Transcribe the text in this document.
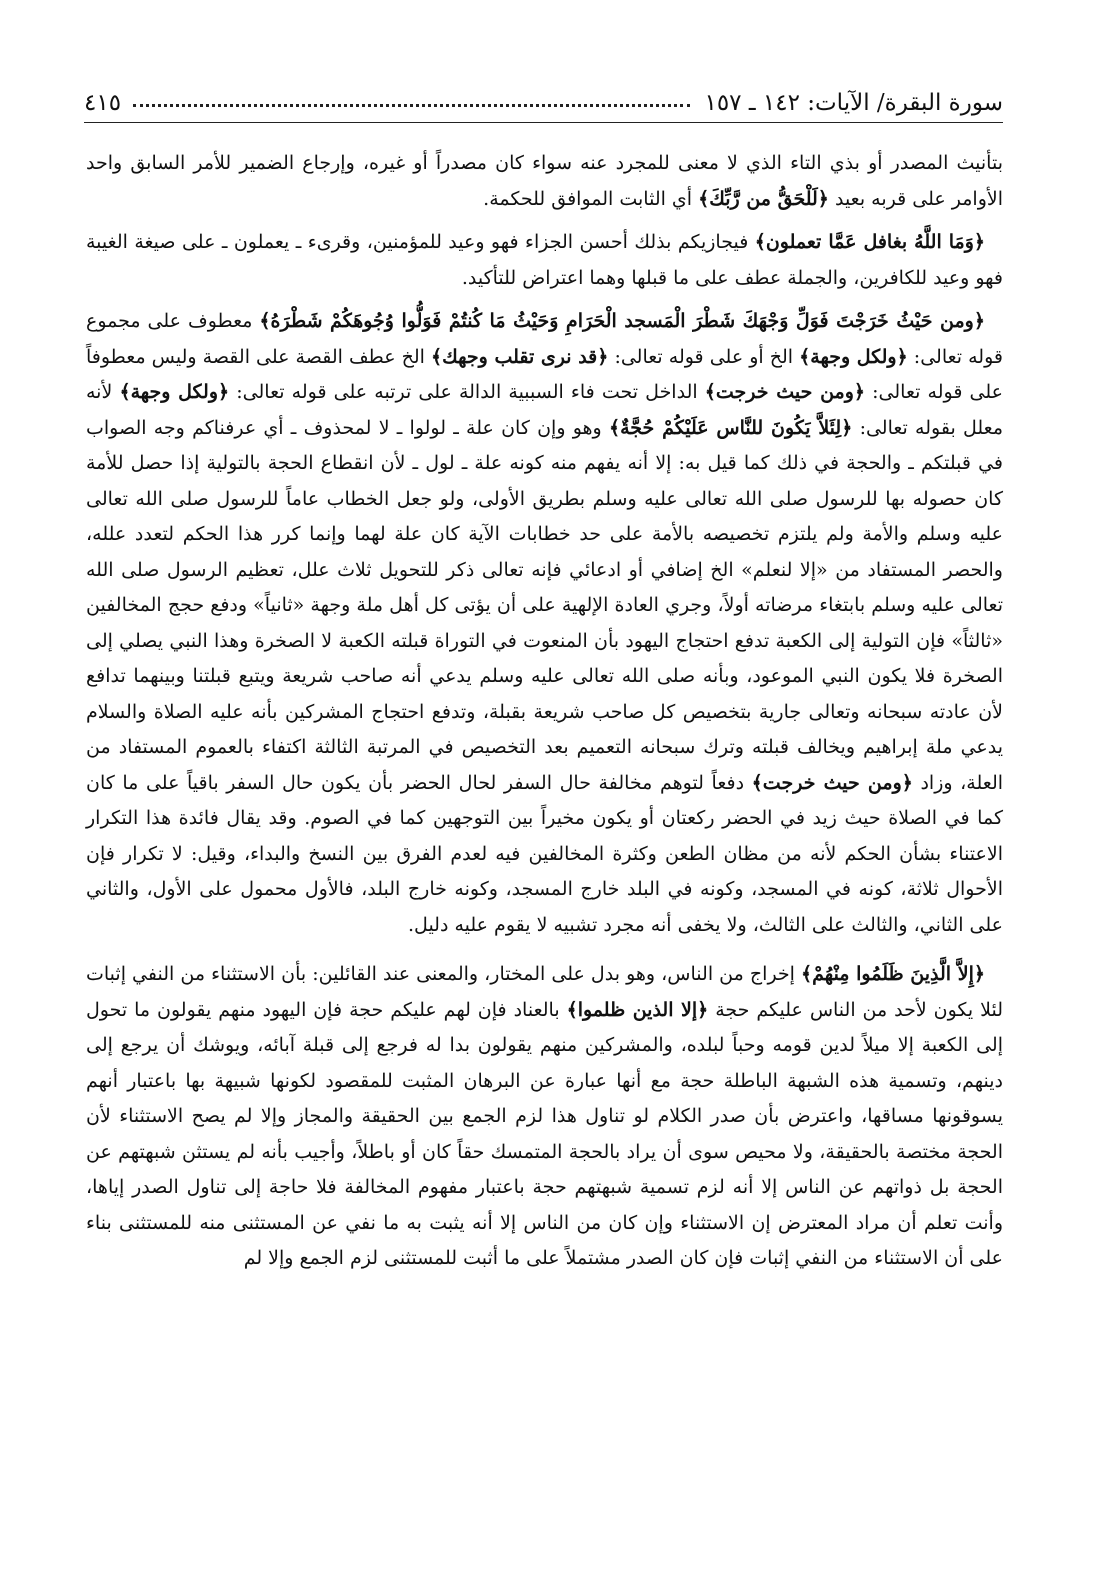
سورة البقرة/ الآيات: ١٤٢ ـ ١٥٧
٤١٥

بتأنيث المصدر أو بذي التاء الذي لا معنى للمجرد عنه سواء كان مصدراً أو غيره، وإرجاع الضمير للأمر السابق واحد الأوامر على قربه بعيد ﴿لَلْحَقُّ من رَّبِّكَ﴾ أي الثابت الموافق للحكمة.

﴿وَمَا اللَّهُ بغافل عَمَّا تعملون﴾ فيجازيكم بذلك أحسن الجزاء فهو وعيد للمؤمنين، وقرىء ـ يعملون ـ على صيغة الغيبة فهو وعيد للكافرين، والجملة عطف على ما قبلها وهما اعتراض للتأكيد.

﴿ومن حَيْثُ خَرَجْتَ فَوَلِّ وَجْهَكَ شَطْرَ الْمَسجد الْحَرَامِ وَحَيْثُ مَا كُنتُمْ فَوَلُّوا وُجُوهَكُمْ شَطْرَهُ﴾ معطوف على مجموع قوله تعالى: ﴿ولكل وجهة﴾ الخ أو على قوله تعالى: ﴿قد نرى تقلب وجهك﴾ الخ عطف القصة على القصة وليس معطوفاً على قوله تعالى: ﴿ومن حيث خرجت﴾ الداخل تحت فاء السببية الدالة على ترتبه على قوله تعالى: ﴿ولكل وجهة﴾ لأنه معلل بقوله تعالى: ﴿لِئَلاَّ يَكُونَ للنَّاس عَلَيْكُمْ حُجَّةٌ﴾ وهو وإن كان علة ـ لولوا ـ لا لمحذوف ـ أي عرفناكم وجه الصواب في قبلتكم ـ والحجة في ذلك كما قيل به: إلا أنه يفهم منه كونه علة ـ لول ـ لأن انقطاع الحجة بالتولية إذا حصل للأمة كان حصوله بها للرسول صلى الله تعالى عليه وسلم بطريق الأولى، ولو جعل الخطاب عاماً للرسول صلى الله تعالى عليه وسلم والأمة ولم يلتزم تخصيصه بالأمة على حد خطابات الآية كان علة لهما وإنما كرر هذا الحكم لتعدد علله، والحصر المستفاد من «إلا لنعلم» الخ إضافي أو ادعائي فإنه تعالى ذكر للتحويل ثلاث علل، تعظيم الرسول صلى الله تعالى عليه وسلم بابتغاء مرضاته أولاً، وجري العادة الإلهية على أن يؤتى كل أهل ملة وجهة «ثانياً» ودفع حجج المخالفين «ثالثاً» فإن التولية إلى الكعبة تدفع احتجاج اليهود بأن المنعوت في التوراة قبلته الكعبة لا الصخرة وهذا النبي يصلي إلى الصخرة فلا يكون النبي الموعود، وبأنه صلى الله تعالى عليه وسلم يدعي أنه صاحب شريعة ويتبع قبلتنا وبينهما تدافع لأن عادته سبحانه وتعالى جارية بتخصيص كل صاحب شريعة بقبلة، وتدفع احتجاج المشركين بأنه عليه الصلاة والسلام يدعي ملة إبراهيم ويخالف قبلته وترك سبحانه التعميم بعد التخصيص في المرتبة الثالثة اكتفاء بالعموم المستفاد من العلة، وزاد ﴿ومن حيث خرجت﴾ دفعاً لتوهم مخالفة حال السفر لحال الحضر بأن يكون حال السفر باقياً على ما كان كما في الصلاة حيث زيد في الحضر ركعتان أو يكون مخيراً بين التوجهين كما في الصوم. وقد يقال فائدة هذا التكرار الاعتناء بشأن الحكم لأنه من مظان الطعن وكثرة المخالفين فيه لعدم الفرق بين النسخ والبداء، وقيل: لا تكرار فإن الأحوال ثلاثة، كونه في المسجد، وكونه في البلد خارج المسجد، وكونه خارج البلد، فالأول محمول على الأول، والثاني على الثاني، والثالث على الثالث، ولا يخفى أنه مجرد تشبيه لا يقوم عليه دليل.

﴿إِلاَّ الَّذِينَ ظَلَمُوا مِنْهُمْ﴾ إخراج من الناس، وهو بدل على المختار، والمعنى عند القائلين: بأن الاستثناء من النفي إثبات لئلا يكون لأحد من الناس عليكم حجة ﴿إلا الذين ظلموا﴾ بالعناد فإن لهم عليكم حجة فإن اليهود منهم يقولون ما تحول إلى الكعبة إلا ميلاً لدين قومه وحباً لبلده، والمشركين منهم يقولون بدا له فرجع إلى قبلة آبائه، ويوشك أن يرجع إلى دينهم، وتسمية هذه الشبهة الباطلة حجة مع أنها عبارة عن البرهان المثبت للمقصود لكونها شبيهة بها باعتبار أنهم يسوقونها مساقها، واعترض بأن صدر الكلام لو تناول هذا لزم الجمع بين الحقيقة والمجاز وإلا لم يصح الاستثناء لأن الحجة مختصة بالحقيقة، ولا محيص سوى أن يراد بالحجة المتمسك حقاً كان أو باطلاً، وأجيب بأنه لم يستثن شبهتهم عن الحجة بل ذواتهم عن الناس إلا أنه لزم تسمية شبهتهم حجة باعتبار مفهوم المخالفة فلا حاجة إلى تناول الصدر إياها، وأنت تعلم أن مراد المعترض إن الاستثناء وإن كان من الناس إلا أنه يثبت به ما نفي عن المستثنى منه للمستثنى بناء على أن الاستثناء من النفي إثبات فإن كان الصدر مشتملاً على ما أثبت للمستثنى لزم الجمع وإلا لم
